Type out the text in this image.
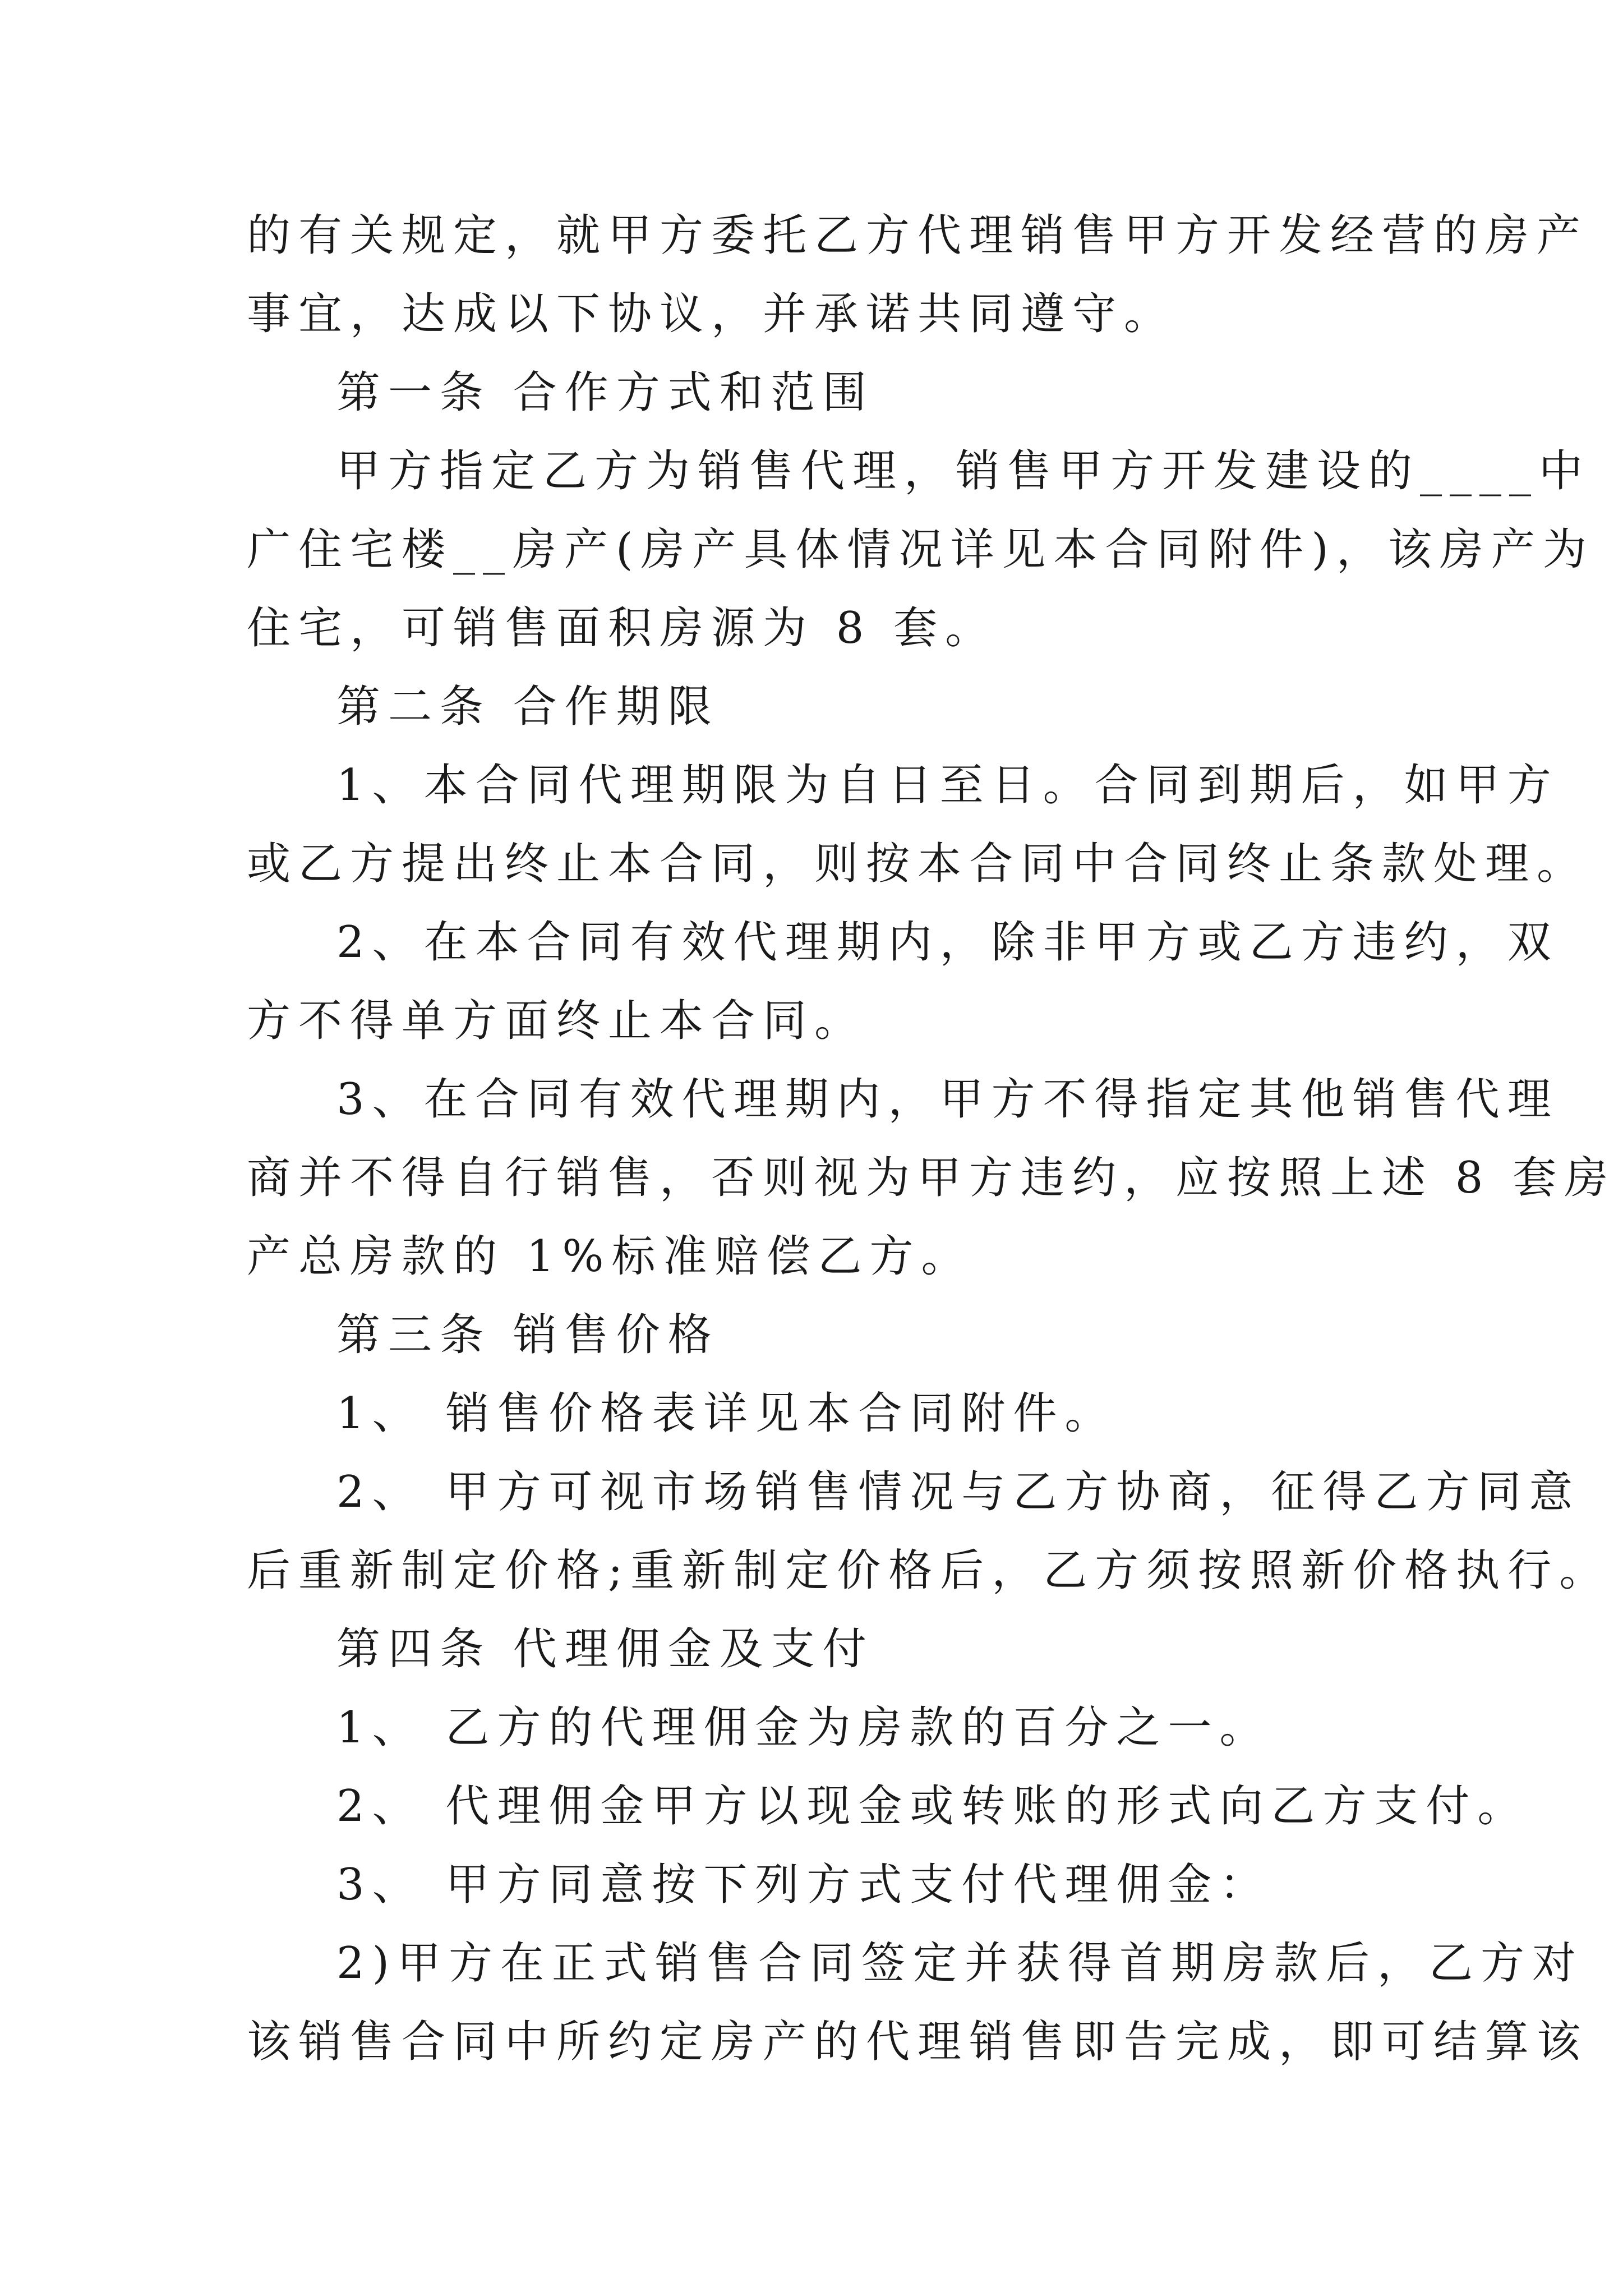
的有关规定，就甲方委托乙方代理销售甲方开发经营的房产
事宜，达成以下协议，并承诺共同遵守。
第一条 合作方式和范围
甲方指定乙方为销售代理，销售甲方开发建设的____中
广住宅楼__房产(房产具体情况详见本合同附件)，该房产为
住宅，可销售面积房源为 8 套。
第二条 合作期限
1、本合同代理期限为自日至日。合同到期后，如甲方
或乙方提出终止本合同，则按本合同中合同终止条款处理。
2、在本合同有效代理期内，除非甲方或乙方违约，双
方不得单方面终止本合同。
3、在合同有效代理期内，甲方不得指定其他销售代理
商并不得自行销售，否则视为甲方违约，应按照上述 8 套房
产总房款的 1%标准赔偿乙方。
第三条 销售价格
1、 销售价格表详见本合同附件。
2、 甲方可视市场销售情况与乙方协商，征得乙方同意
后重新制定价格;重新制定价格后，乙方须按照新价格执行。
第四条 代理佣金及支付
1、 乙方的代理佣金为房款的百分之一。
2、 代理佣金甲方以现金或转账的形式向乙方支付。
3、 甲方同意按下列方式支付代理佣金：
2)甲方在正式销售合同签定并获得首期房款后，乙方对
该销售合同中所约定房产的代理销售即告完成，即可结算该
